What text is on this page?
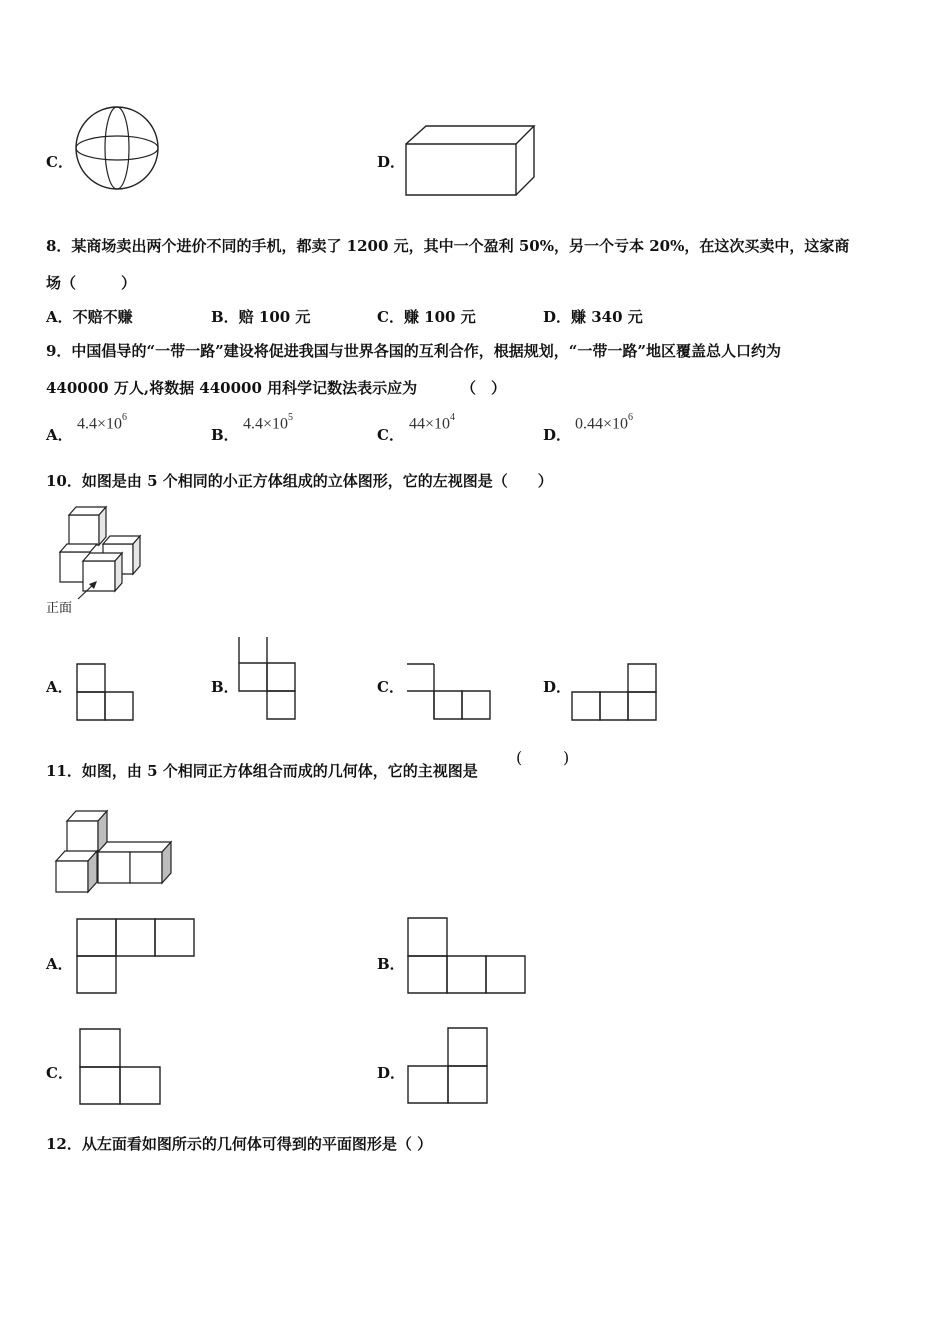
C．	D．
8．某商场卖出两个进价不同的手机，都卖了 1200 元，其中一个盈利 50%，另一个亏本 20%，在这次买卖中，这家商
场（　　　）
A．不赔不赚	B．赔 100 元	C．赚 100 元	D．赚 340 元
9．中国倡导的“一带一路”建设将促进我国与世界各国的互利合作，根据规划，“一带一路”地区覆盖总人口约为
440000 万人,将数据 440000 用科学记数法表示应为	（　）
A．
$4.4\times 10^6$
B．
$4.4\times 10^5$
C．
$44\times 10^4$
D．
$0.44\times 10^6$
10．如图是由 5 个相同的小正方体组成的立体图形，它的左视图是（　　）
正面
A．	B．	C．	D．
11．如图，由 5 个相同正方体组合而成的几何体，它的主视图是
(	)
A．	B．
C．	D．
12．从左面看如图所示的几何体可得到的平面图形是（ ）
